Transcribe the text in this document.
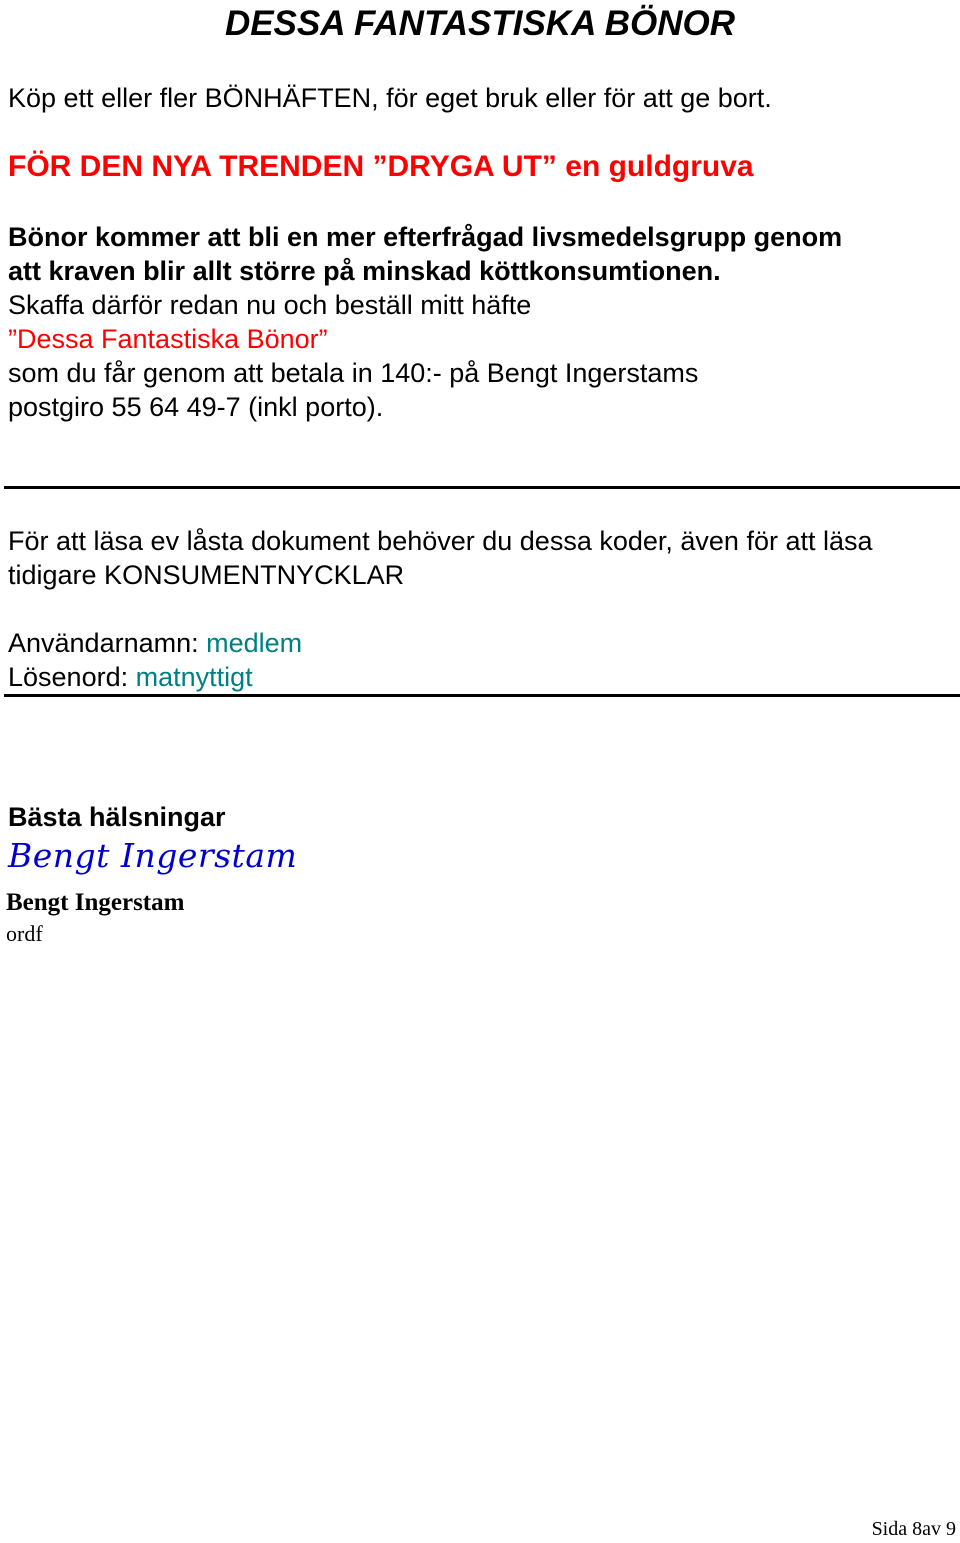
DESSA FANTASTISKA BÖNOR
Köp ett eller fler BÖNHÄFTEN, för eget bruk eller för att ge bort.
FÖR DEN NYA TRENDEN ”DRYGA UT” en guldgruva
Bönor kommer att bli en mer efterfrågad livsmedelsgrupp genom
att kraven blir allt större på minskad köttkonsumtionen.
Skaffa därför redan nu och beställ mitt häfte
”Dessa Fantastiska Bönor”
som du får genom att betala in 140:- på Bengt Ingerstams
postgiro 55 64 49-7 (inkl porto).
För att läsa ev låsta dokument behöver du dessa koder, även för att läsa
tidigare KONSUMENTNYCKLAR
Användarnamn: medlem
Lösenord: matnyttigt
Bästa hälsningar
Bengt Ingerstam
Bengt Ingerstam
ordf
Sida 8av 9
